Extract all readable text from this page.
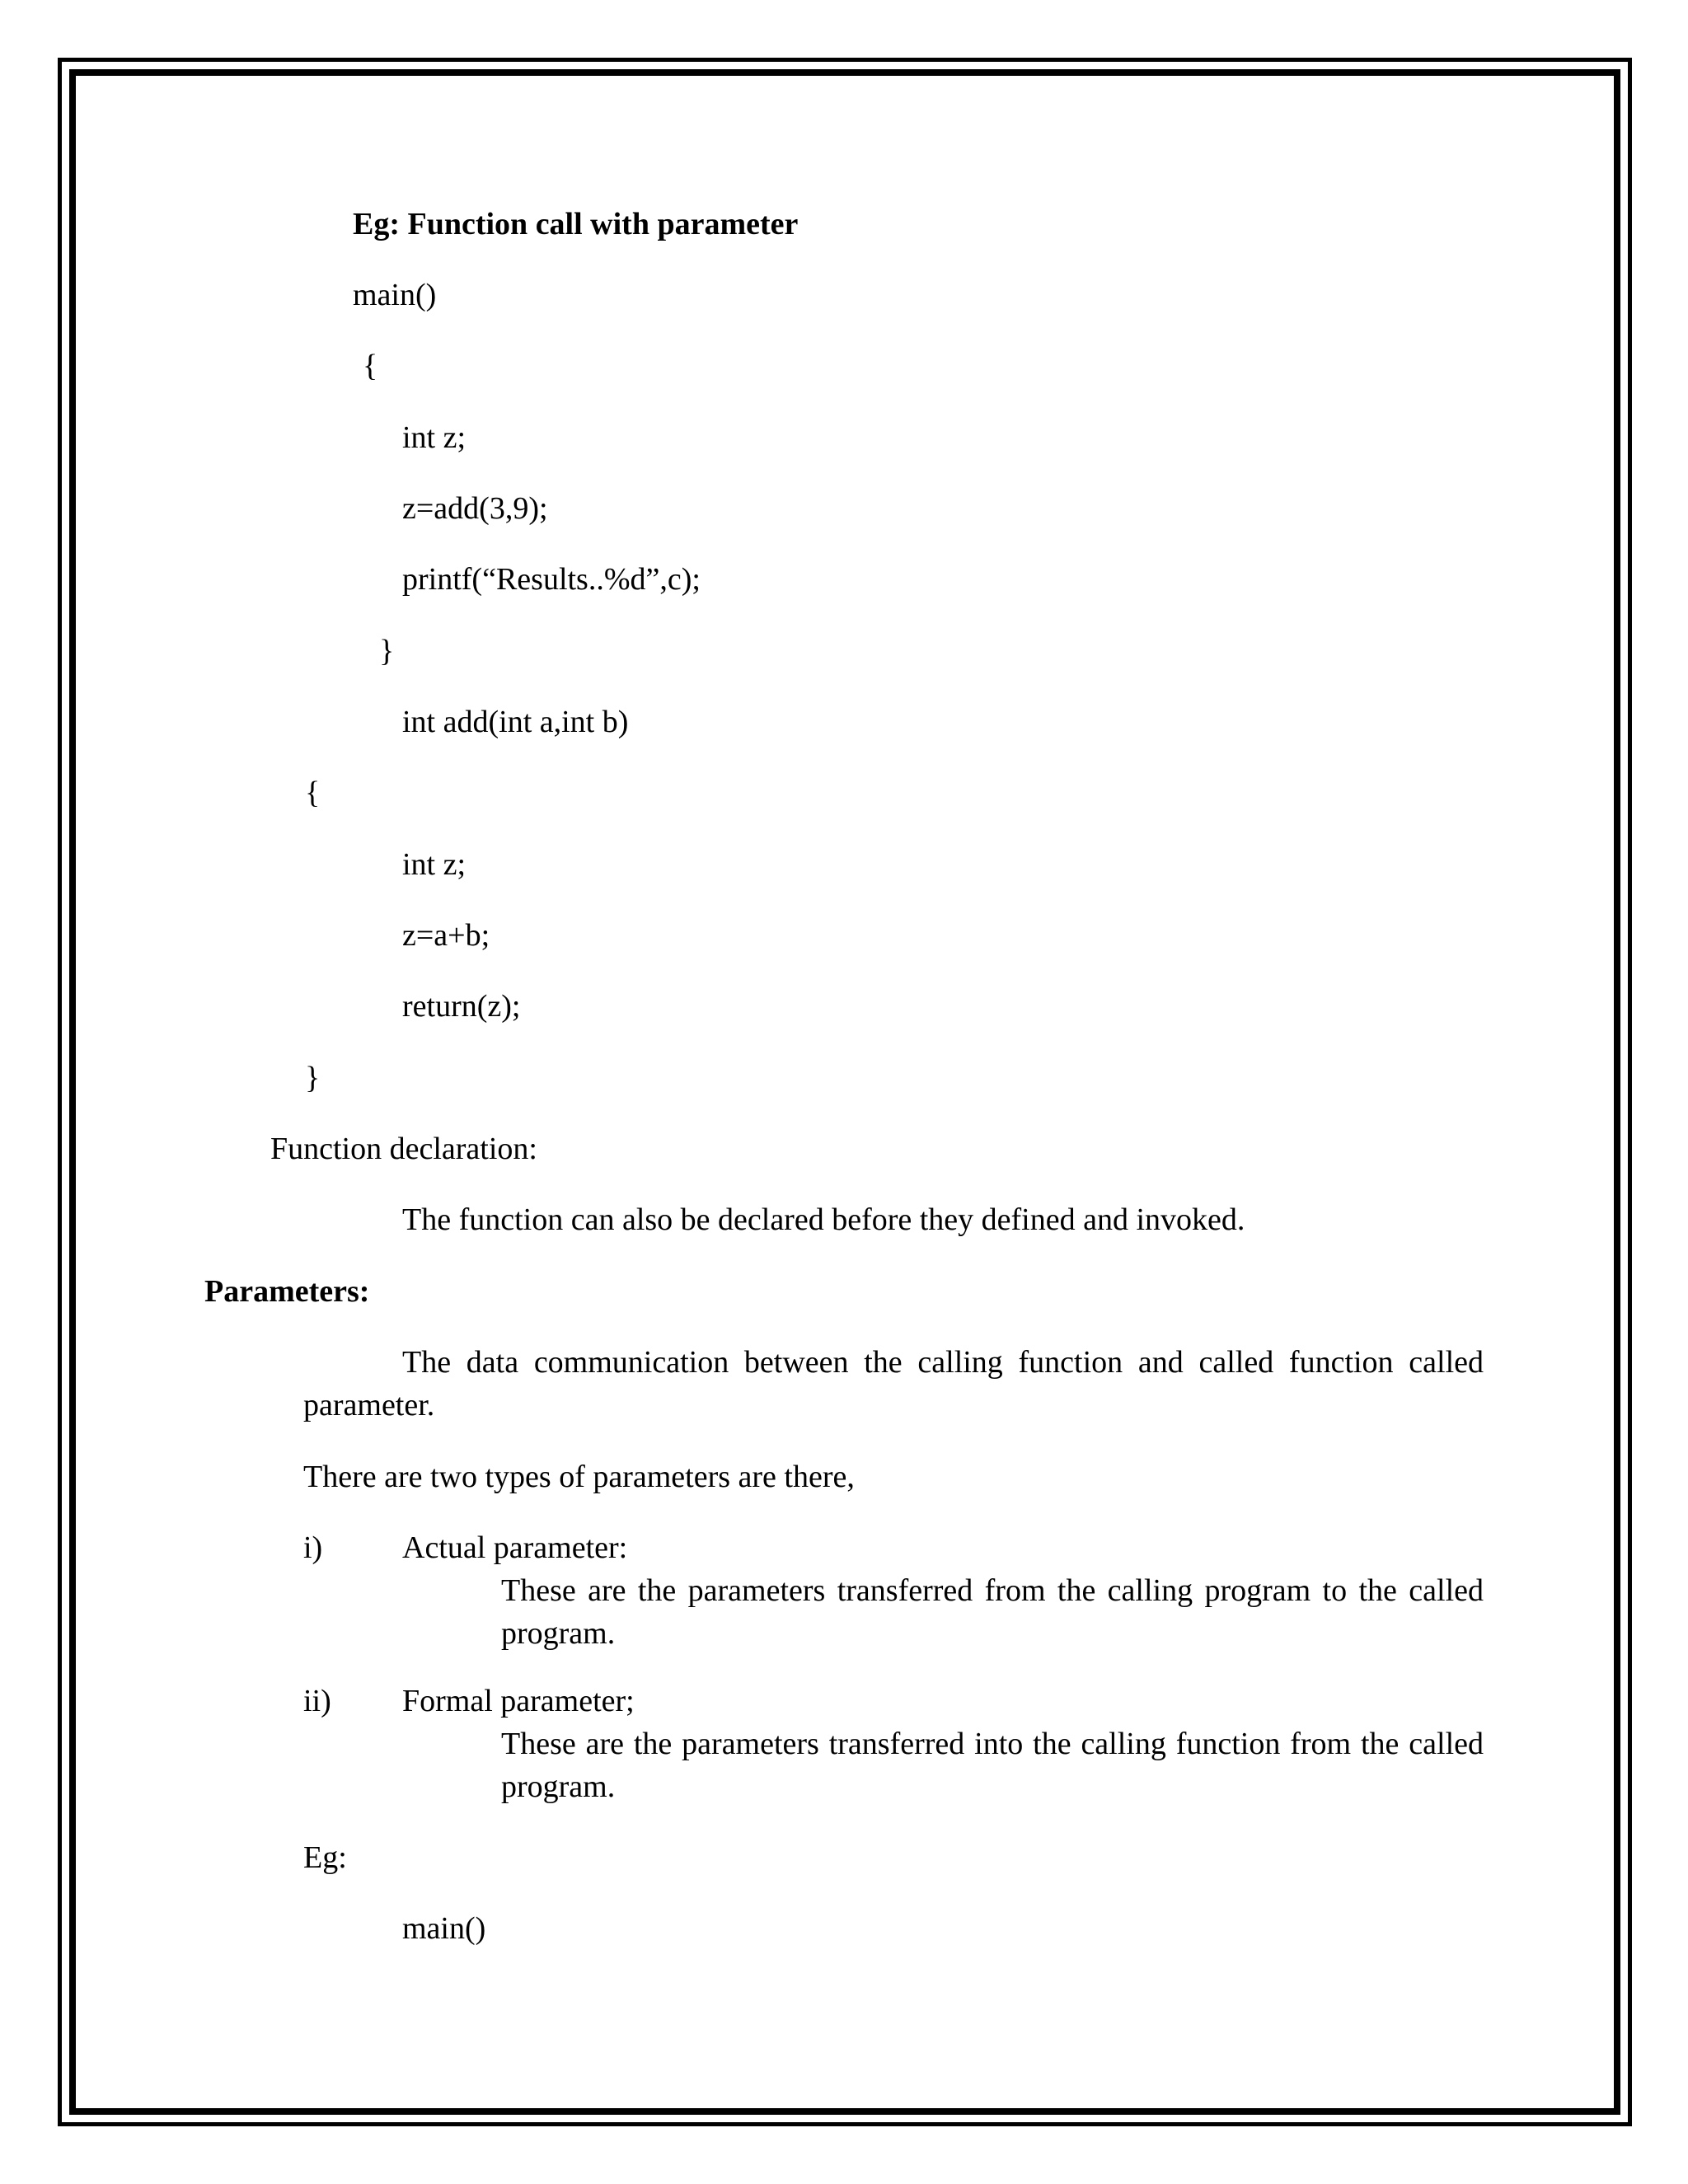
Eg: Function call with parameter
main()
{
int z;
z=add(3,9);
printf(“Results..%d”,c);
}
int add(int a,int b)
{
int z;
z=a+b;
return(z);
}
Function declaration:
The function can also be declared before they defined and invoked.
Parameters:
The data communication between the calling function and called function called parameter.
There are two types of parameters are there,
i)	Actual parameter:
These are the parameters transferred from the calling program to the called program.
ii) Formal parameter;
These are the parameters transferred into the calling function from the called program.
Eg:
main()
